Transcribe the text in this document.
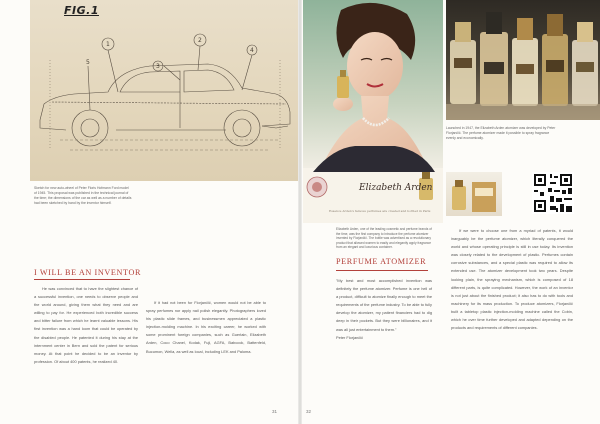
1
2
3
4
5
FIG.1
Sketch for new auto-wheel of Peter Floris Hofmann Ford model of 1945. This proposal was published in the technical journal of the time; the dimensions of the car as well as a number of details had been sketched by hand by the inventor himself.
I WILL BE AN INVENTOR

He was convinced that to have the slightest chance of a successful invention, one needs to observe people and the world around, giving them what they need and are willing to pay for. He experienced both incredible success and bitter failure from which he learnt valuable lessons. His first invention was a hand loom that could be operated by the disabled people. He patented it during his stay at the internment center in Bern and sold the patent for serious money. At that point he decided to be an inventor by profession. Of about 400 patents, he realized 40.

If it had not been for Florjančič, women would not be able to spray perfumes nor apply nail polish elegantly. Photographers loved his plastic slide frames, and businessmen appreciated a plastic injection-molding machine. In his exciting career, he worked with some prominent foreign companies, such as Guerlain, Elizabeth Arden, Coco Chanel, Kodak, Fuji, AGFA, Babcock, Battenfeld, Bucumon, Wella, as well as local, including LEK and Paloma.

31
Essence Arden's famous perfumes are created and bottled in Paris
Elizabeth Arden
Launched in 1947, the Elizabeth Arden atomizer was developed by Peter Florjančič. The perfume atomizer made it possible to spray fragrance evenly and economically.
Elizabeth Arden, one of the leading cosmetic and perfume brands of the time, was the first company to introduce the perfume atomizer invented by Florjančič. The bottle was advertised as a revolutionary product that allowed women to easily and elegantly apply fragrance from an elegant and luxurious container.
PERFUME ATOMIZER

"My best and most accomplished invention was definitely the perfume atomizer. Perfume is one hell of a product, difficult to atomize finally enough to meet the requirements of the perfume industry. To be able to fully develop the atomizer, my patient financiers had to dig deep in their pockets. But they were billionaires, and it was all just entertainment to them."

Peter Florjančič

If we were to choose one from a myriad of patents, it would inarguably be the perfume atomizer, which literally conquered the world and whose operating principle is still in use today. Its invention was closely related to the development of plastic. Perfumes contain corrosive substances, and a special plastic was required to allow its extended use. The atomizer development took two years. Despite looking plain, the spraying mechanism, which is composed of 18 different parts, is quite complicated. However, the work of an inventor is not just about the finished product; it also has to do with tools and machinery for its mass production. To produce atomizers, Florjančič built a tabletop plastic injection-molding machine called the Cobin, which he over time further developed and adapted depending on the products and requirements of different companies.

32
